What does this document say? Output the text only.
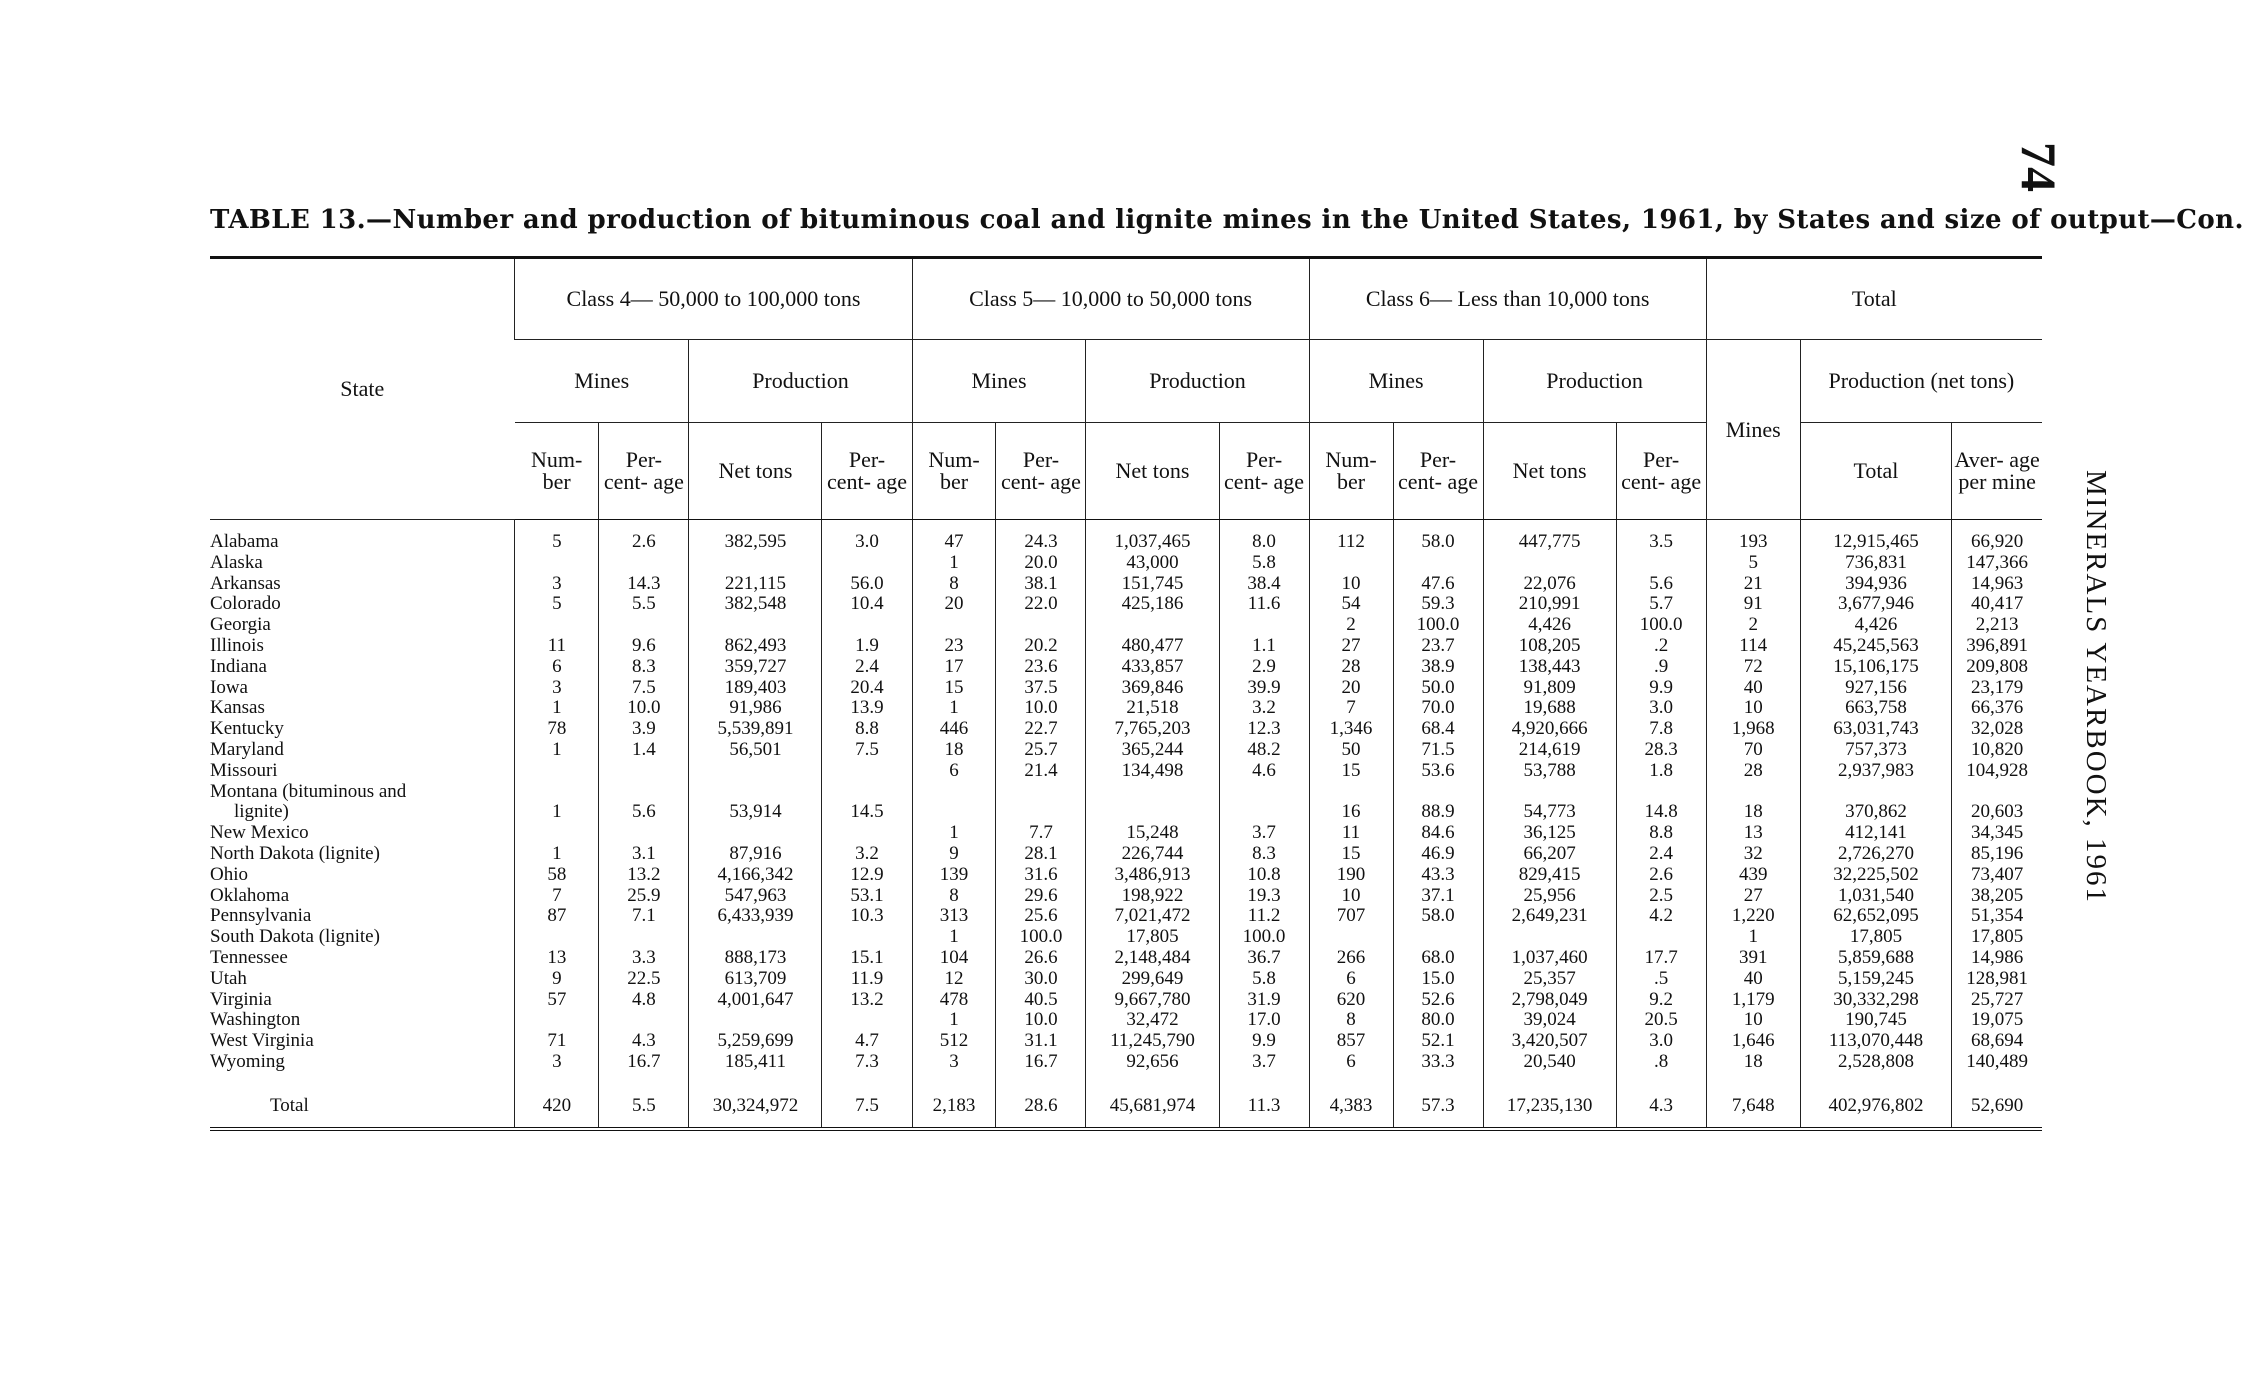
74
MINERALS YEARBOOK, 1961
TABLE 13.—Number and production of bituminous coal and lignite mines in the United States, 1961, by States and size of output—Con.
State	Class 4— 50,000 to 100,000 tons				Class 5— 10,000 to 50,000 tons				Class 6— Less than 10,000 tons				Total		
	Mines		Production		Mines		Production		Mines		Production		Mines	Production (net tons)	
	Num- ber	Per- cent- age	Net tons	Per- cent- age	Num- ber	Per- cent- age	Net tons	Per- cent- age	Num- ber	Per- cent- age	Net tons	Per- cent- age		Total	Aver- age per mine

Alabama	5	2.6	382,595	3.0	47	24.3	1,037,465	8.0	112	58.0	447,775	3.5	193	12,915,465	66,920
Alaska					1	20.0	43,000	5.8					5	736,831	147,366
Arkansas	3	14.3	221,115	56.0	8	38.1	151,745	38.4	10	47.6	22,076	5.6	21	394,936	14,963
Colorado	5	5.5	382,548	10.4	20	22.0	425,186	11.6	54	59.3	210,991	5.7	91	3,677,946	40,417
Georgia									2	100.0	4,426	100.0	2	4,426	2,213
Illinois	11	9.6	862,493	1.9	23	20.2	480,477	1.1	27	23.7	108,205	.2	114	45,245,563	396,891
Indiana	6	8.3	359,727	2.4	17	23.6	433,857	2.9	28	38.9	138,443	.9	72	15,106,175	209,808
Iowa	3	7.5	189,403	20.4	15	37.5	369,846	39.9	20	50.0	91,809	9.9	40	927,156	23,179
Kansas	1	10.0	91,986	13.9	1	10.0	21,518	3.2	7	70.0	19,688	3.0	10	663,758	66,376
Kentucky	78	3.9	5,539,891	8.8	446	22.7	7,765,203	12.3	1,346	68.4	4,920,666	7.8	1,968	63,031,743	32,028
Maryland	1	1.4	56,501	7.5	18	25.7	365,244	48.2	50	71.5	214,619	28.3	70	757,373	10,820
Missouri					6	21.4	134,498	4.6	15	53.6	53,788	1.8	28	2,937,983	104,928
Montana (bituminous and															
lignite)	1	5.6	53,914	14.5					16	88.9	54,773	14.8	18	370,862	20,603
New Mexico					1	7.7	15,248	3.7	11	84.6	36,125	8.8	13	412,141	34,345
North Dakota (lignite)	1	3.1	87,916	3.2	9	28.1	226,744	8.3	15	46.9	66,207	2.4	32	2,726,270	85,196
Ohio	58	13.2	4,166,342	12.9	139	31.6	3,486,913	10.8	190	43.3	829,415	2.6	439	32,225,502	73,407
Oklahoma	7	25.9	547,963	53.1	8	29.6	198,922	19.3	10	37.1	25,956	2.5	27	1,031,540	38,205
Pennsylvania	87	7.1	6,433,939	10.3	313	25.6	7,021,472	11.2	707	58.0	2,649,231	4.2	1,220	62,652,095	51,354
South Dakota (lignite)					1	100.0	17,805	100.0					1	17,805	17,805
Tennessee	13	3.3	888,173	15.1	104	26.6	2,148,484	36.7	266	68.0	1,037,460	17.7	391	5,859,688	14,986
Utah	9	22.5	613,709	11.9	12	30.0	299,649	5.8	6	15.0	25,357	.5	40	5,159,245	128,981
Virginia	57	4.8	4,001,647	13.2	478	40.5	9,667,780	31.9	620	52.6	2,798,049	9.2	1,179	30,332,298	25,727
Washington					1	10.0	32,472	17.0	8	80.0	39,024	20.5	10	190,745	19,075
West Virginia	71	4.3	5,259,699	4.7	512	31.1	11,245,790	9.9	857	52.1	3,420,507	3.0	1,646	113,070,448	68,694
Wyoming	3	16.7	185,411	7.3	3	16.7	92,656	3.7	6	33.3	20,540	.8	18	2,528,808	140,489

Total	420	5.5	30,324,972	7.5	2,183	28.6	45,681,974	11.3	4,383	57.3	17,235,130	4.3	7,648	402,976,802	52,690
